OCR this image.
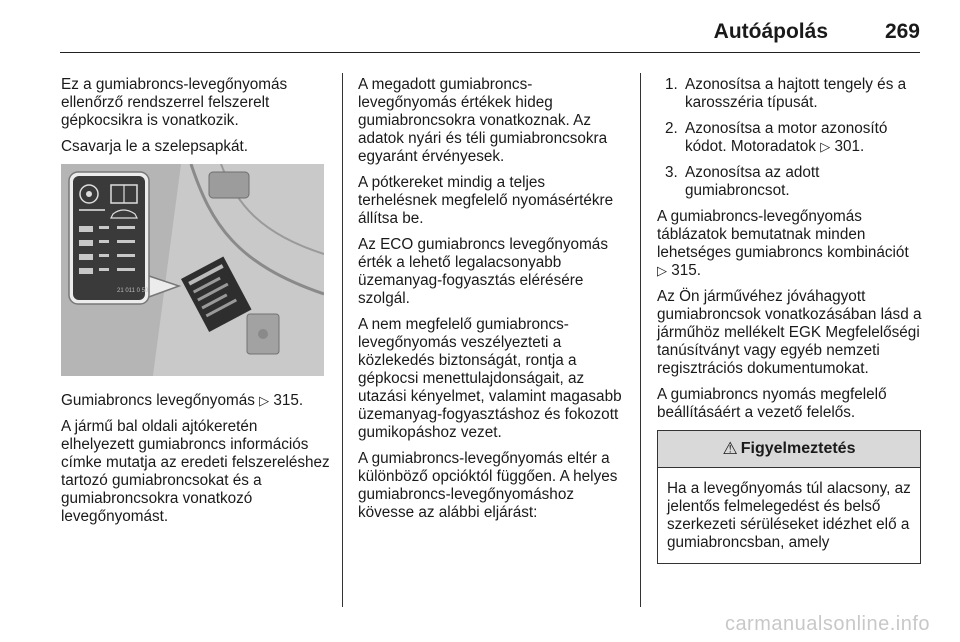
Autóápolás	269

Ez a gumiabroncs-levegőnyomás ellenőrző rendszerrel felszerelt gépkocsikra is vonatkozik.

Csavarja le a szelepsapkát.

21 011 0 50

Gumiabroncs levegőnyomás ▷ 315.

A jármű bal oldali ajtókeretén elhelyezett gumiabroncs információs címke mutatja az eredeti felszereléshez tartozó gumiabroncsokat és a gumiabroncsokra vonatkozó levegőnyomást.

A megadott gumiabroncs-levegőnyomás értékek hideg gumiabroncsokra vonatkoznak. Az adatok nyári és téli gumiabroncsokra egyaránt érvényesek.

A pótkereket mindig a teljes terhelésnek megfelelő nyomásértékre állítsa be.

Az ECO gumiabroncs levegőnyomás érték a lehető legalacsonyabb üzemanyag-fogyasztás elérésére szolgál.

A nem megfelelő gumiabroncs-levegőnyomás veszélyezteti a közlekedés biztonságát, rontja a gépkocsi menettulajdonságait, az utazási kényelmet, valamint magasabb üzemanyag-fogyasztáshoz és fokozott gumikopáshoz vezet.

A gumiabroncs-levegőnyomás eltér a különböző opcióktól függően. A helyes gumiabroncs-levegőnyomáshoz kövesse az alábbi eljárást:

1. Azonosítsa a hajtott tengely és a karosszéria típusát.
2. Azonosítsa a motor azonosító kódot. Motoradatok ▷ 301.
3. Azonosítsa az adott gumiabroncsot.

A gumiabroncs-levegőnyomás táblázatok bemutatnak minden lehetséges gumiabroncs kombinációt
▷ 315.

Az Ön járművéhez jóváhagyott gumiabroncsok vonatkozásában lásd a járműhöz mellékelt EGK Megfelelőségi tanúsítványt vagy egyéb nemzeti regisztrációs dokumentumokat.

A gumiabroncs nyomás megfelelő beállításáért a vezető felelős.

⚠ Figyelmeztetés
Ha a levegőnyomás túl alacsony, az jelentős felmelegedést és belső szerkezeti sérüléseket idézhet elő a gumiabroncsban, amely
carmanualsonline.info
